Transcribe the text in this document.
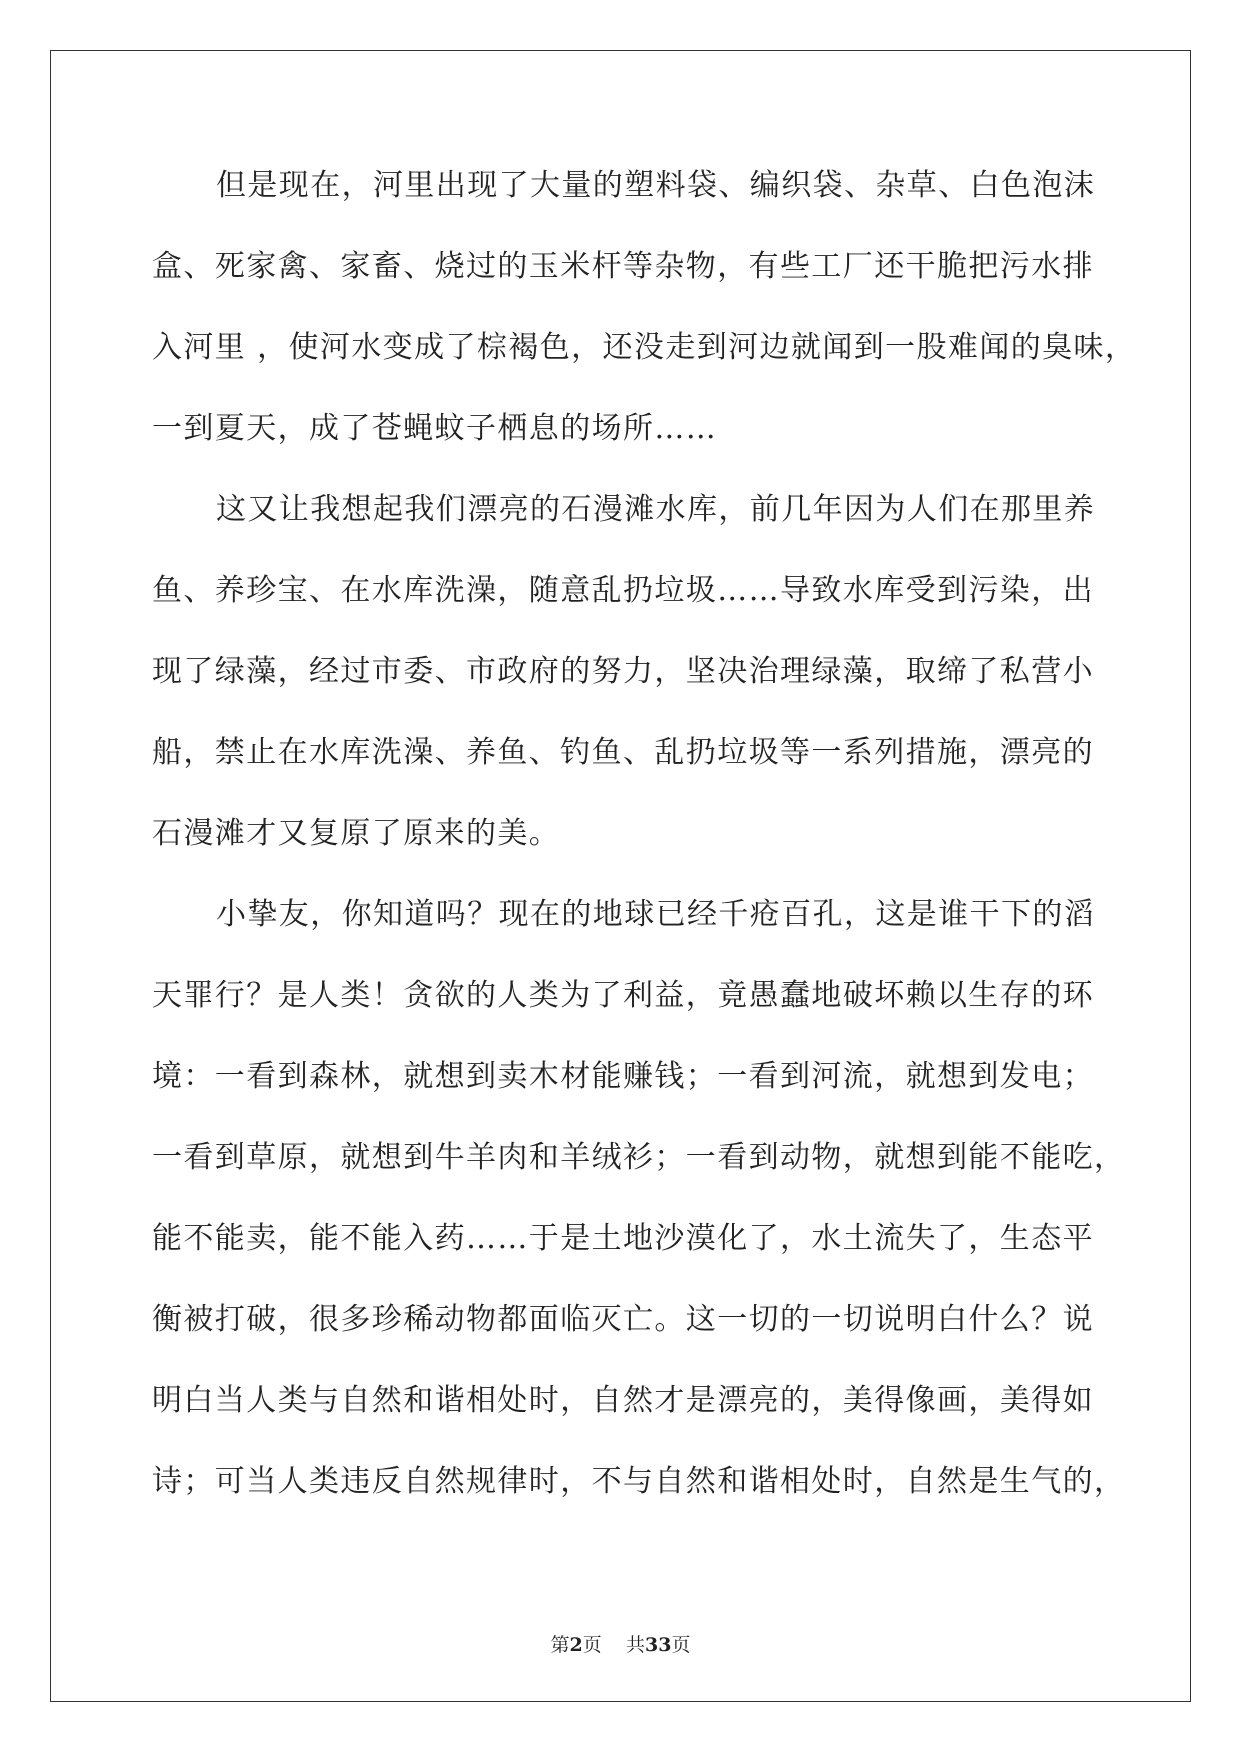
但是现在，河里出现了大量的塑料袋、编织袋、杂草、白色泡沫
盒、死家禽、家畜、烧过的玉米杆等杂物，有些工厂还干脆把污水排
入河里 ，使河水变成了棕褐色，还没走到河边就闻到一股难闻的臭味，
一到夏天，成了苍蝇蚊子栖息的场所……
这又让我想起我们漂亮的石漫滩水库，前几年因为人们在那里养
鱼、养珍宝、在水库洗澡，随意乱扔垃圾……导致水库受到污染，出
现了绿藻，经过市委、市政府的努力，坚决治理绿藻，取缔了私营小
船，禁止在水库洗澡、养鱼、钓鱼、乱扔垃圾等一系列措施，漂亮的
石漫滩才又复原了原来的美。
小挚友，你知道吗？现在的地球已经千疮百孔，这是谁干下的滔
天罪行？是人类！贪欲的人类为了利益，竟愚蠢地破坏赖以生存的环
境：一看到森林，就想到卖木材能赚钱；一看到河流，就想到发电；
一看到草原，就想到牛羊肉和羊绒衫；一看到动物，就想到能不能吃，
能不能卖，能不能入药……于是土地沙漠化了，水土流失了，生态平
衡被打破，很多珍稀动物都面临灭亡。这一切的一切说明白什么？说
明白当人类与自然和谐相处时，自然才是漂亮的，美得像画，美得如
诗；可当人类违反自然规律时，不与自然和谐相处时，自然是生气的，
第2页 共33页
